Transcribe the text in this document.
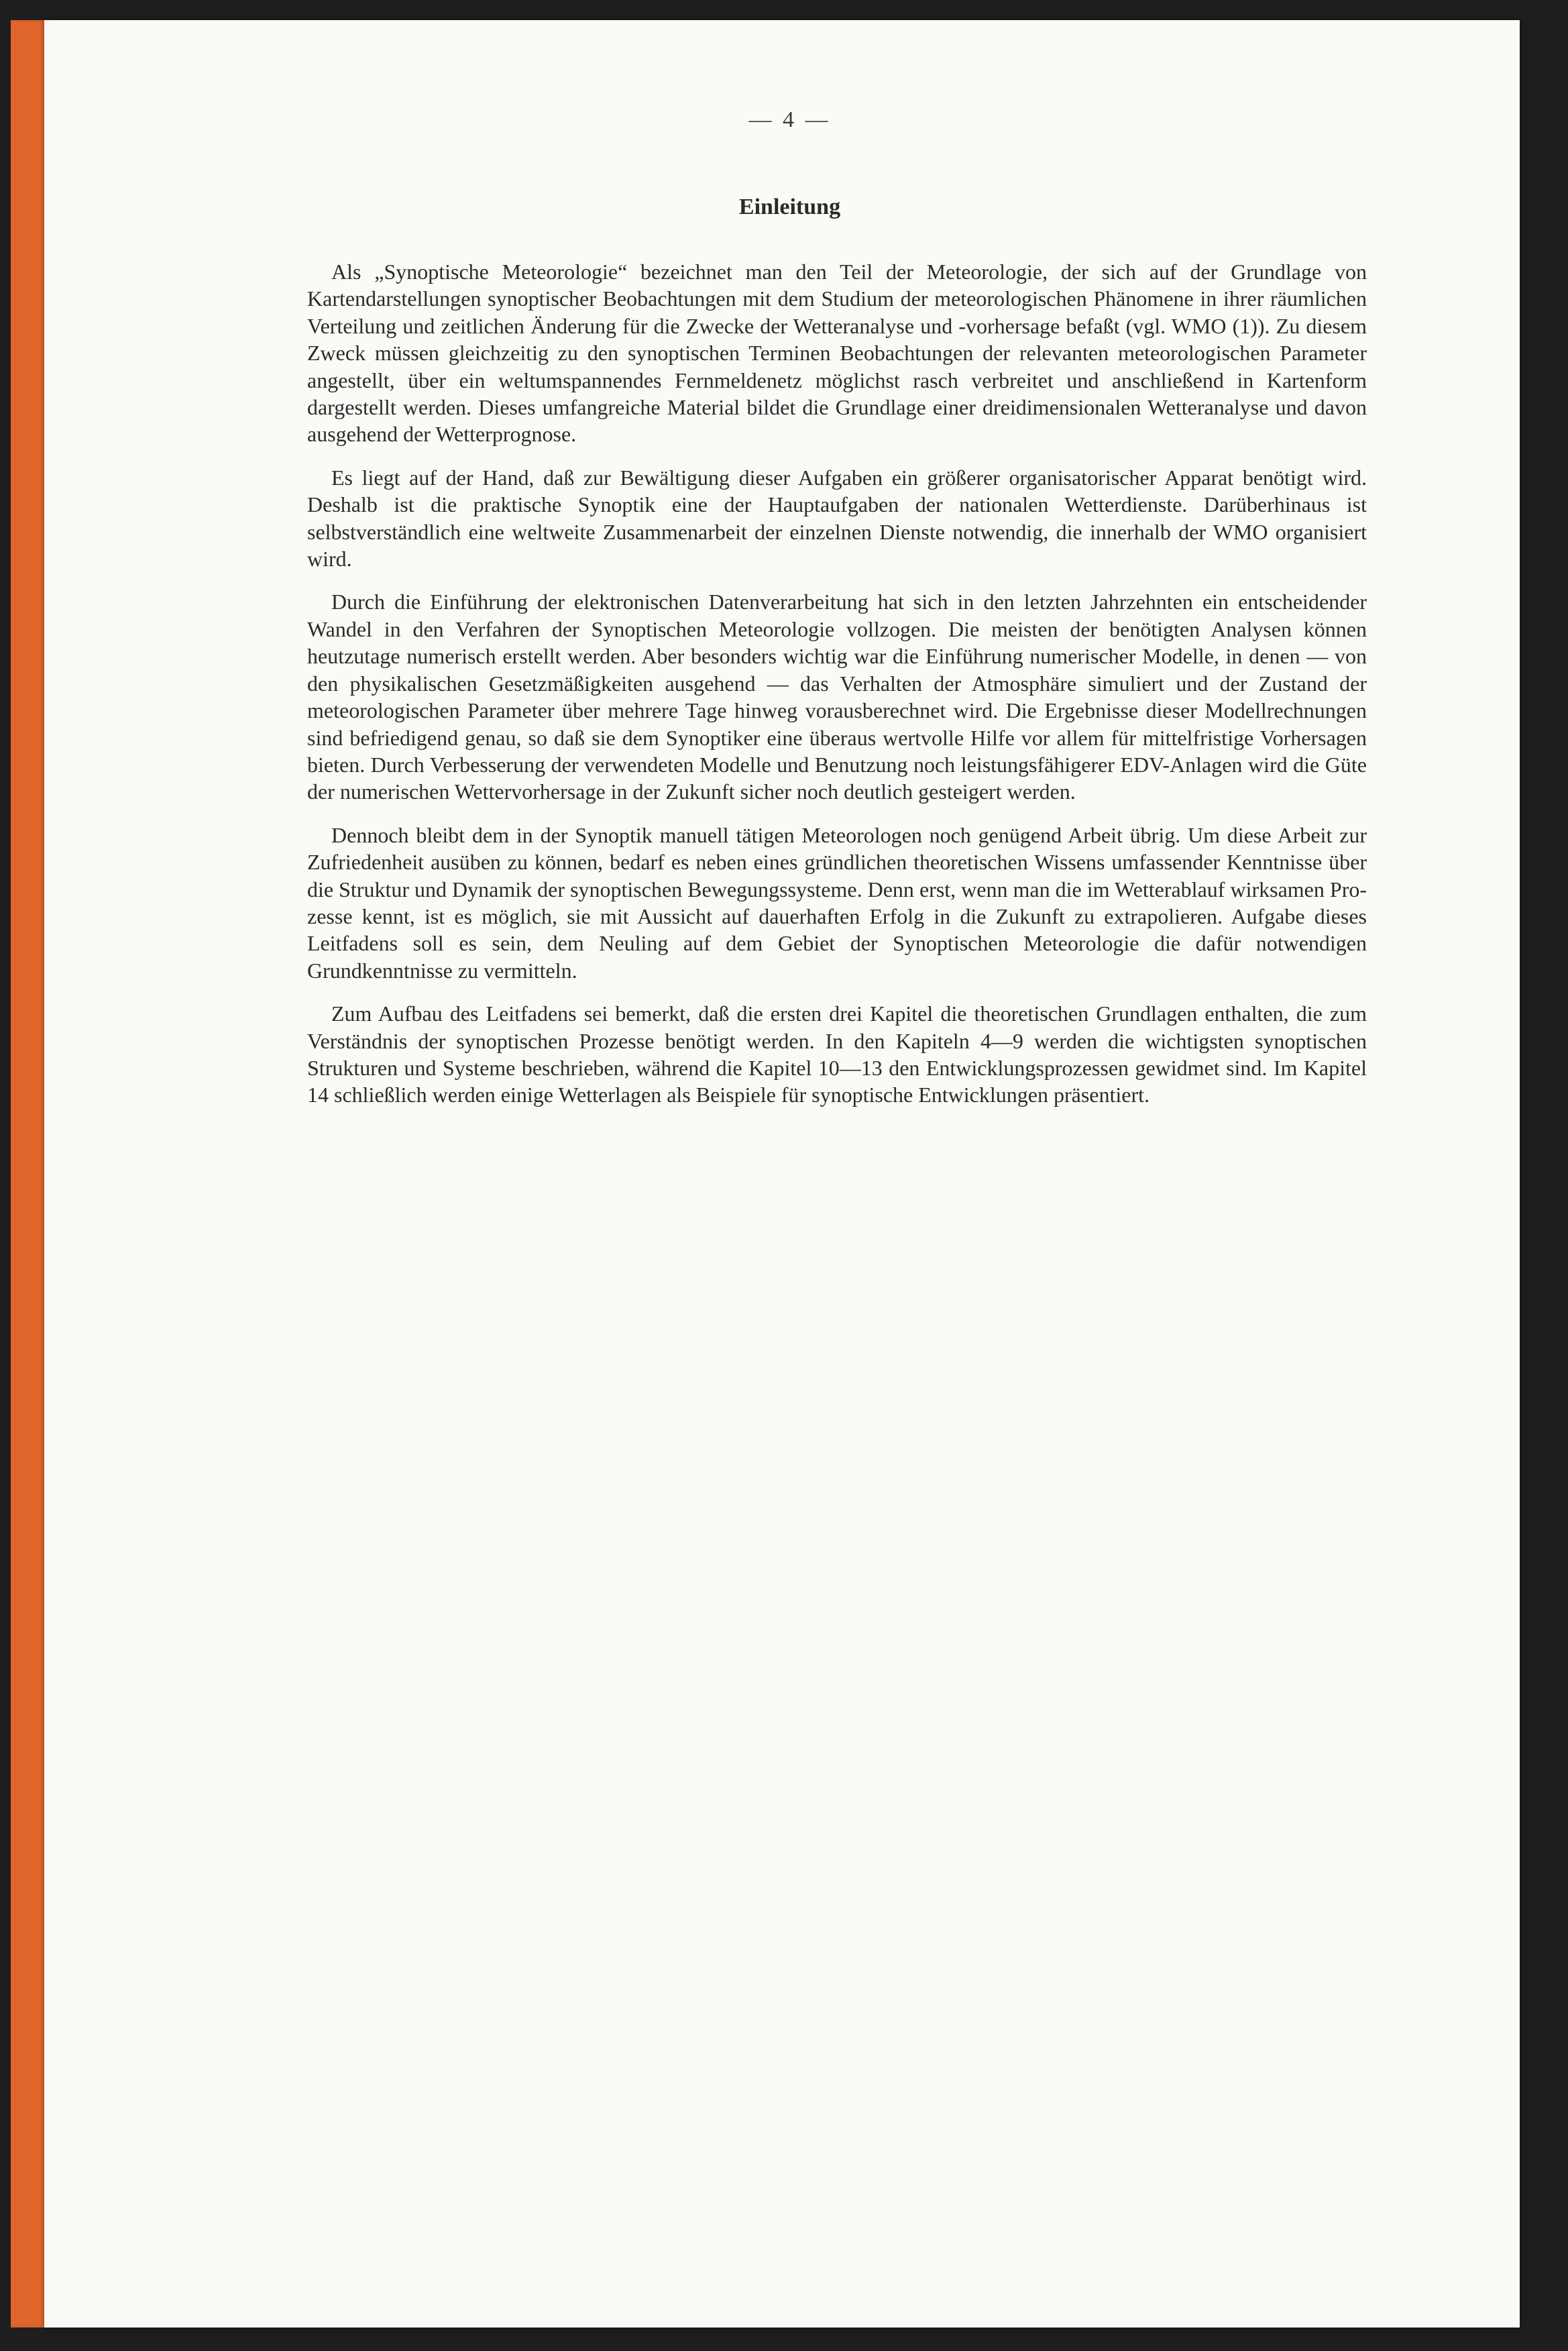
— 4 —
Einleitung

Als „Synoptische Meteorologie“ bezeichnet man den Teil der Meteorologie, der sich auf der Grundlage von Kartendarstellungen synoptischer Beobachtungen mit dem Studium der meteorologischen Phänomene in ihrer räumlichen Verteilung und zeitlichen Änderung für die Zwecke der Wetteranalyse und -vorhersage befaßt (vgl. WMO (1)). Zu diesem Zweck müssen gleichzeitig zu den synoptischen Terminen Beobachtungen der relevanten meteorologischen Parameter angestellt, über ein weltumspannendes Fernmeldenetz möglichst rasch verbreitet und anschließend in Kartenform dargestellt werden. Dieses umfangreiche Material bildet die Grundlage einer dreidimensionalen Wetteranalyse und davon ausgehend der Wetterprognose.

Es liegt auf der Hand, daß zur Bewältigung dieser Aufgaben ein größerer organisatorischer Apparat benötigt wird. Deshalb ist die praktische Synoptik eine der Hauptaufgaben der nationalen Wetterdienste. Darüberhinaus ist selbstverständlich eine weltweite Zusammenarbeit der einzelnen Dienste notwendig, die innerhalb der WMO organisiert wird.

Durch die Einführung der elektronischen Datenverarbeitung hat sich in den letzten Jahrzehnten ein entscheidender Wandel in den Verfahren der Synoptischen Meteorologie vollzogen. Die meisten der benötigten Analysen können heutzutage numerisch erstellt werden. Aber besonders wichtig war die Einführung numerischer Modelle, in denen — von den physikalischen Gesetzmäßigkeiten ausgehend — das Verhalten der Atmosphäre simuliert und der Zustand der meteorologischen Parameter über mehrere Tage hinweg vorausberechnet wird. Die Ergebnisse dieser Modellrechnungen sind befriedigend genau, so daß sie dem Synoptiker eine überaus wertvolle Hilfe vor allem für mittelfristige Vorhersagen bieten. Durch Verbesserung der verwendeten Modelle und Benutzung noch leistungsfähigerer EDV-Anlagen wird die Güte der numerischen Wettervorhersage in der Zukunft sicher noch deutlich gesteigert werden.

Dennoch bleibt dem in der Synoptik manuell tätigen Meteorologen noch genügend Arbeit übrig. Um diese Arbeit zur Zufriedenheit ausüben zu können, bedarf es neben eines gründlichen theoretischen Wissens umfassender Kenntnisse über die Struktur und Dynamik der synoptischen Bewegungssysteme. Denn erst, wenn man die im Wetterablauf wirksamen Prozesse kennt, ist es möglich, sie mit Aussicht auf dauerhaften Erfolg in die Zukunft zu extrapolieren. Aufgabe dieses Leitfadens soll es sein, dem Neuling auf dem Gebiet der Synoptischen Meteorologie die dafür notwendigen Grundkenntnisse zu vermitteln.

Zum Aufbau des Leitfadens sei bemerkt, daß die ersten drei Kapitel die theoretischen Grundlagen enthalten, die zum Verständnis der synoptischen Prozesse benötigt werden. In den Kapiteln 4—9 werden die wichtigsten synoptischen Strukturen und Systeme beschrieben, während die Kapitel 10—13 den Entwicklungsprozessen gewidmet sind. Im Kapitel 14 schließlich werden einige Wetterlagen als Beispiele für synoptische Entwicklungen präsentiert.
